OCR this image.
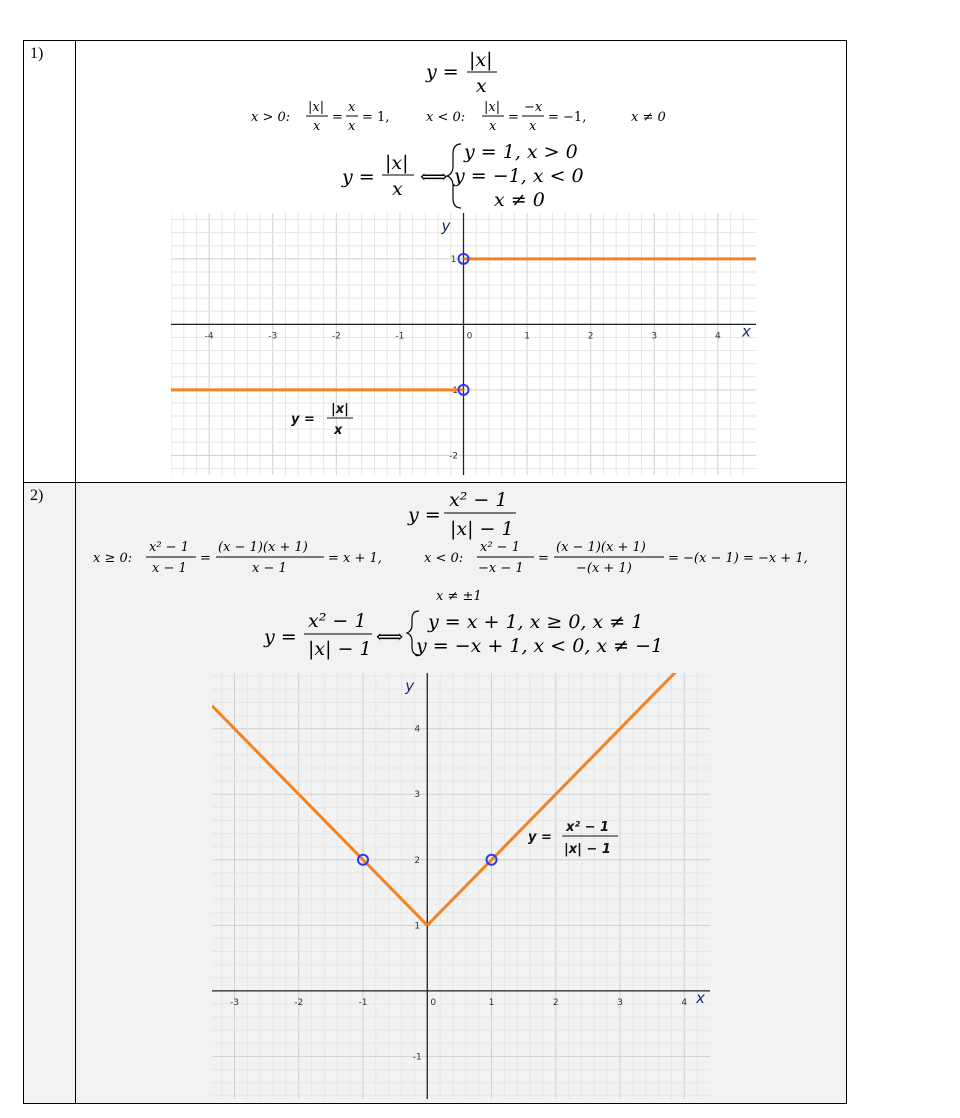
1)
y =
|x|
x
x > 0:
|x|
x
=
x
x
= 1,	x < 0:
|x|
x
=
−x
x
= −1,	x ≠ 0
y =
|x|
x
⟺
y = 1, x > 0
y = −1, x < 0
x ≠ 0
-4	-3	-2	-1	0	1	2	3	4
-2
-1
1
x
y
y =
|x|
x
2)
y =
x² − 1
|x| − 1
x ≥ 0:
x² − 1
x − 1
=
(x − 1)(x + 1)
x − 1
= x + 1,	x < 0:
x² − 1
−x − 1
=
(x − 1)(x + 1)
−(x + 1)
= −(x − 1) = −x + 1,
x ≠ ±1
y =
x² − 1
|x| − 1
⟺
y = x + 1, x ≥ 0, x ≠ 1
y = −x + 1, x < 0, x ≠ −1
-3	-2	-1	0	1	2	3	4
-1
1
2
3
4
x
y
y =
x² − 1
|x| − 1
